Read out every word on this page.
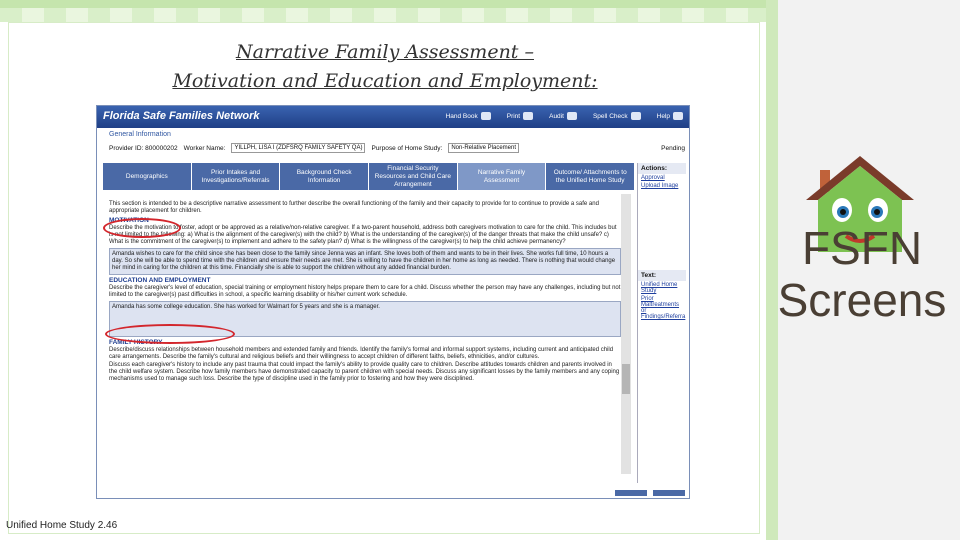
Narrative Family Assessment –
Motivation and Education and Employment:
FSFN Screens
Florida Safe Families Network	Hand Book	Print	Audit	Spell Check	Help
General Information
Provider ID: 800000202 Worker Name:	YILLPH, LISA I (ZDFSRQ FAMILY SAFETY QA)	Purpose of Home Study:	Non-Relative Placement	Pending
Demographics
Prior Intakes and Investigations/Referrals
Background Check Information
Financial Security Resources and Child Care Arrangement
Narrative Family Assessment
Outcome/ Attachments to the Unified Home Study
Actions:
Approval
Upload Image
Text:
Unified Home Study
Prior Maltreatments or Findings/Referra
This section is intended to be a descriptive narrative assessment to further describe the overall functioning of the family and their capacity to provide for to continue to provide a safe and appropriate placement for children.
MOTIVATION
Describe the motivation to foster, adopt or be approved as a relative/non-relative caregiver. If a two-parent household, address both caregivers motivation to care for the child. This includes but is not limited to the following: a) What is the alignment of the caregiver(s) with the child? b) What is the understanding of the caregiver(s) of the danger threats that make the child unsafe? c) What is the commitment of the caregiver(s) to implement and adhere to the safety plan? d) What is the willingness of the caregiver(s) to help the child achieve permanency?
Amanda wishes to care for the child since she has been close to the family since Jenna was an infant. She loves both of them and wants to be in their lives. She works full time, 10 hours a day. So she will be able to spend time with the children and ensure their needs are met. She is willing to have the children in her home as long as needed. There is nothing that would change her mind in caring for the children at this time. Financially she is able to support the children without any added financial burden.
EDUCATION AND EMPLOYMENT
Describe the caregiver's level of education, special training or employment history helps prepare them to care for a child. Discuss whether the person may have any challenges, including but not limited to the caregiver(s) past difficulties in school, a specific learning disability or his/her current work schedule.
Amanda has some college education. She has worked for Walmart for 5 years and she is a manager.
FAMILY HISTORY
Describe/discuss relationships between household members and extended family and friends. Identify the family's formal and informal support systems, including current and anticipated child care arrangements. Describe the family's cultural and religious beliefs and their willingness to accept children of different faiths, beliefs, ethnicities, and/or cultures.
Discuss each caregiver's history to include any past trauma that could impact the family's ability to provide quality care to children. Describe attitudes towards children and parents involved in the child welfare system. Describe how family members have demonstrated capacity to parent children with special needs. Discuss any significant losses by the family members and any coping mechanisms used to manage such loss. Describe the type of discipline used in the family prior to fostering and how they were disciplined.
Unified Home Study 2.46
